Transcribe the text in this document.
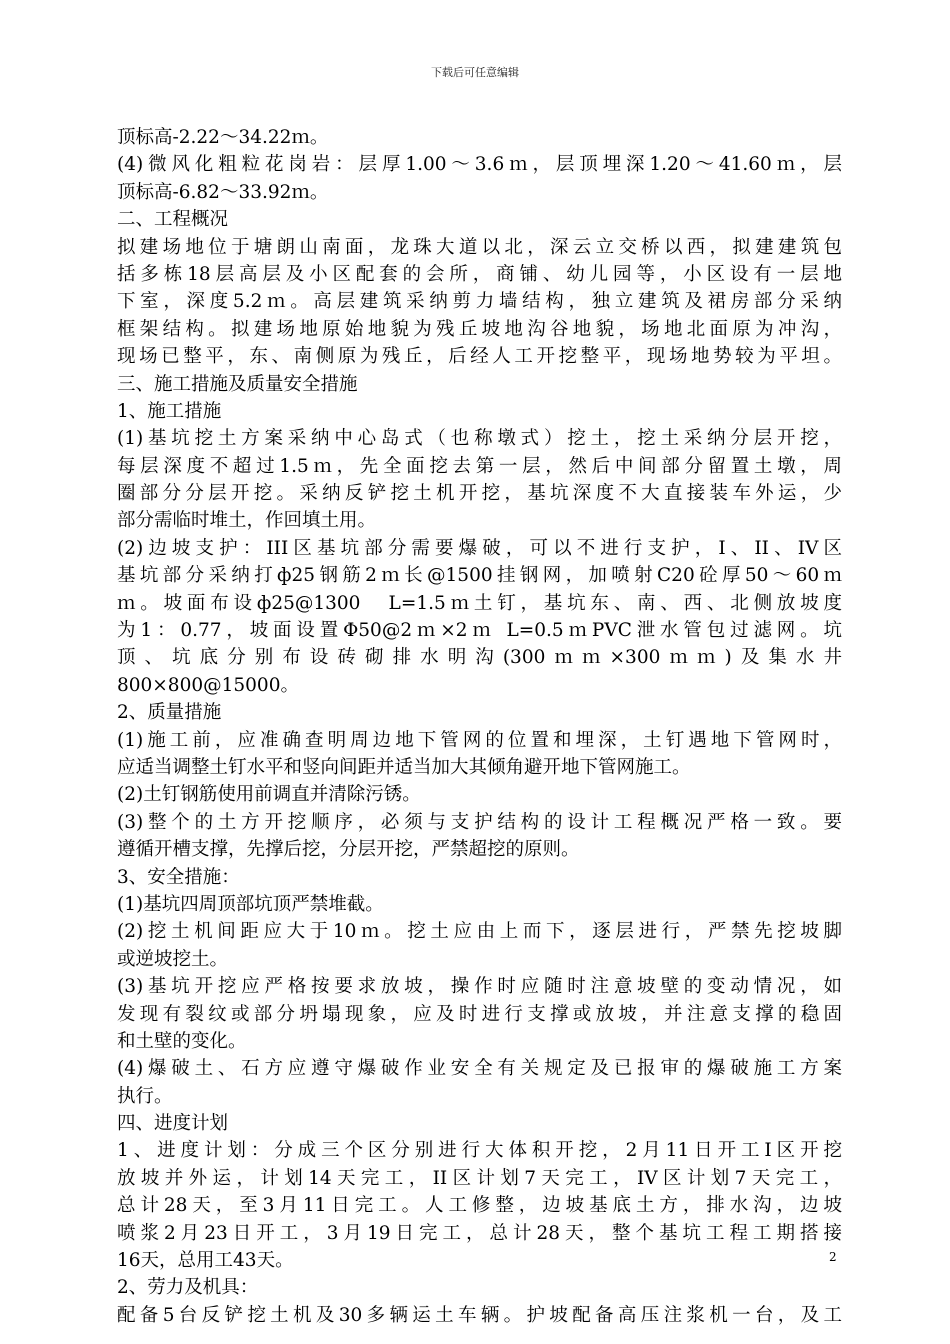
下载后可任意编辑
顶标高-2.22～34.22ｍ。
(4)微风化粗粒花岗岩：层厚1.00～3.6ｍ，层顶埋深1.20～41.60ｍ，层
顶标高-6.82～33.92ｍ。
二、工程概况
拟建场地位于塘朗山南面，龙珠大道以北，深云立交桥以西，拟建建筑包
括多栋18层高层及小区配套的会所，商铺、幼儿园等，小区设有一层地
下室，深度5.2ｍ。高层建筑采纳剪力墙结构，独立建筑及裙房部分采纳
框架结构。拟建场地原始地貌为残丘坡地沟谷地貌，场地北面原为冲沟，
现场已整平，东、南侧原为残丘，后经人工开挖整平，现场地势较为平坦。
三、施工措施及质量安全措施
1、施工措施
(1)基坑挖土方案采纳中心岛式（也称墩式）挖土，挖土采纳分层开挖，
每层深度不超过1.5ｍ，先全面挖去第一层，然后中间部分留置土墩，周
圈部分分层开挖。采纳反铲挖土机开挖，基坑深度不大直接装车外运，少
部分需临时堆土，作回填土用。
(2)边坡支护：III区基坑部分需要爆破，可以不进行支护，I、II、IV区
基坑部分采纳打ф25钢筋2ｍ长@1500挂钢网，加喷射C20砼厚50～60ｍ
ｍ。坡面布设ф25@1300　L=1.5ｍ土钉，基坑东、南、西、北侧放坡度
为1：0.77，坡面设置Φ50@2ｍ×2ｍ L=0.5ｍPVC泄水管包过滤网。坑
顶、坑底分别布设砖砌排水明沟(300ｍｍ×300ｍｍ)及集水井
800×800@15000。
2、质量措施
(1)施工前，应准确查明周边地下管网的位置和埋深，土钉遇地下管网时，
应适当调整土钉水平和竖向间距并适当加大其倾角避开地下管网施工。
(2)土钉钢筋使用前调直并清除污锈。
(3)整个的土方开挖顺序，必须与支护结构的设计工程概况严格一致。要
遵循开槽支撑，先撑后挖，分层开挖，严禁超挖的原则。
3、安全措施：
(1)基坑四周顶部坑顶严禁堆截。
(2)挖土机间距应大于10ｍ。挖土应由上而下，逐层进行，严禁先挖坡脚
或逆坡挖土。
(3)基坑开挖应严格按要求放坡，操作时应随时注意坡壁的变动情况，如
发现有裂纹或部分坍塌现象，应及时进行支撑或放坡，并注意支撑的稳固
和土壁的变化。
(4)爆破土、石方应遵守爆破作业安全有关规定及已报审的爆破施工方案
执行。
四、进度计划
1、进度计划：分成三个区分别进行大体积开挖，2月11日开工I区开挖
放坡并外运，计划14天完工，II区计划7天完工，IV区计划7天完工，
总计28天，至3月11日完工。人工修整，边坡基底土方，排水沟，边坡
喷浆2月23日开工，3月19日完工，总计28天，整个基坑工程工期搭接
16天，总用工43天。
2、劳力及机具：
配备5台反铲挖土机及30多辆运土车辆。护坡配备高压注浆机一台，及工
2
